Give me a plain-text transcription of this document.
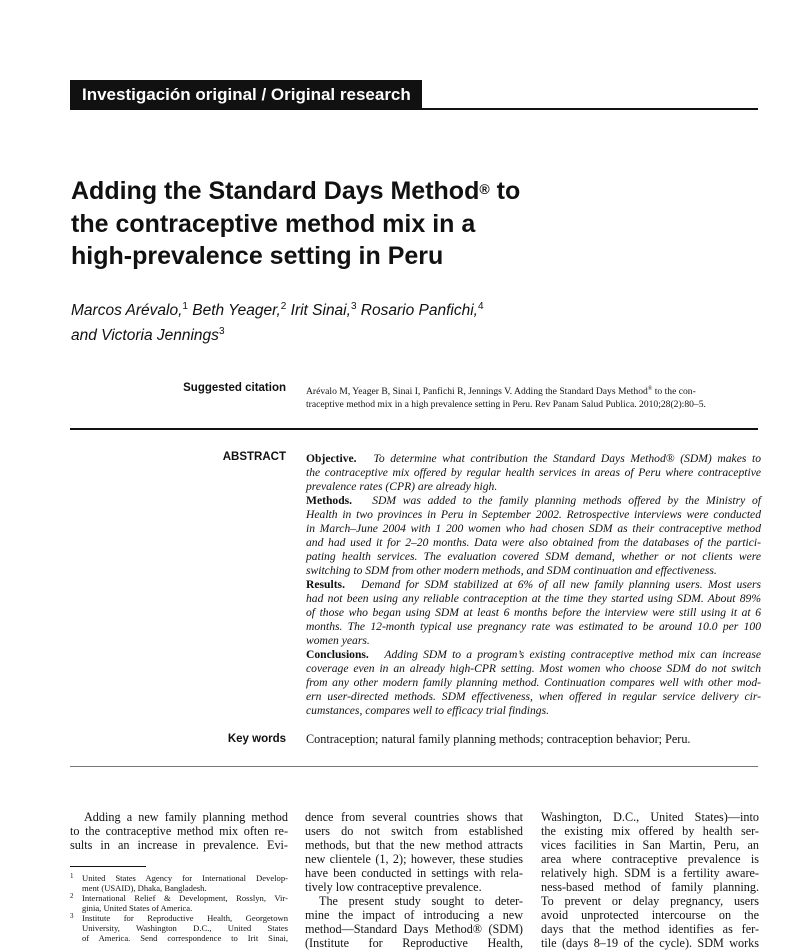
Investigación original / Original research
Adding the Standard Days Method® to
the contraceptive method mix in a
high-prevalence setting in Peru
Marcos Arévalo,$^1$ Beth Yeager,$^2$ Irit Sinai,$^3$ Rosario Panfichi,$^4$
and Victoria Jennings$^3$
Suggested citation Arévalo M, Yeager B, Sinai I, Panfichi R, Jennings V. Adding the Standard Days Method® to the con-
traceptive method mix in a high prevalence setting in Peru. Rev Panam Salud Publica. 2010;28(2):80–5.
ABSTRACT Objective. To determine what contribution the Standard Days Method® (SDM) makes to
the contraceptive mix offered by regular health services in areas of Peru where contraceptive
prevalence rates (CPR) are already high.
Methods. SDM was added to the family planning methods offered by the Ministry of
Health in two provinces in Peru in September 2002. Retrospective interviews were conducted
in March–June 2004 with 1 200 women who had chosen SDM as their contraceptive method
and had used it for 2–20 months. Data were also obtained from the databases of the partici-
pating health services. The evaluation covered SDM demand, whether or not clients were
switching to SDM from other modern methods, and SDM continuation and effectiveness.
Results. Demand for SDM stabilized at 6% of all new family planning users. Most users
had not been using any reliable contraception at the time they started using SDM. About 89%
of those who began using SDM at least 6 months before the interview were still using it at 6
months. The 12-month typical use pregnancy rate was estimated to be around 10.0 per 100
women years.
Conclusions. Adding SDM to a program’s existing contraceptive method mix can increase
coverage even in an already high-CPR setting. Most women who choose SDM do not switch
from any other modern family planning method. Continuation compares well with other mod-
ern user-directed methods. SDM effectiveness, when offered in regular service delivery cir-
cumstances, compares well to efficacy trial findings.
Key words Contraception; natural family planning methods; contraception behavior; Peru.
Adding a new family planning method
to the contraceptive method mix often re-
sults in an increase in prevalence. Evi-
1 United States Agency for International Develop-
ment (USAID), Dhaka, Bangladesh.
2 International Relief & Development, Rosslyn, Vir-
ginia, United States of America.
3 Institute for Reproductive Health, Georgetown
University, Washington D.C., United States
of America. Send correspondence to Irit Sinai,
dence from several countries shows that
users do not switch from established
methods, but that the new method attracts
new clientele (1, 2); however, these studies
have been conducted in settings with rela-
tively low contraceptive prevalence.
The present study sought to deter-
mine the impact of introducing a new
method—Standard Days Method® (SDM)
(Institute for Reproductive Health,
Washington, D.C., United States)—into
the existing mix offered by health ser-
vices facilities in San Martin, Peru, an
area where contraceptive prevalence is
relatively high. SDM is a fertility aware-
ness-based method of family planning.
To prevent or delay pregnancy, users
avoid unprotected intercourse on the
days that the method identifies as fer-
tile (days 8–19 of the cycle). SDM works
